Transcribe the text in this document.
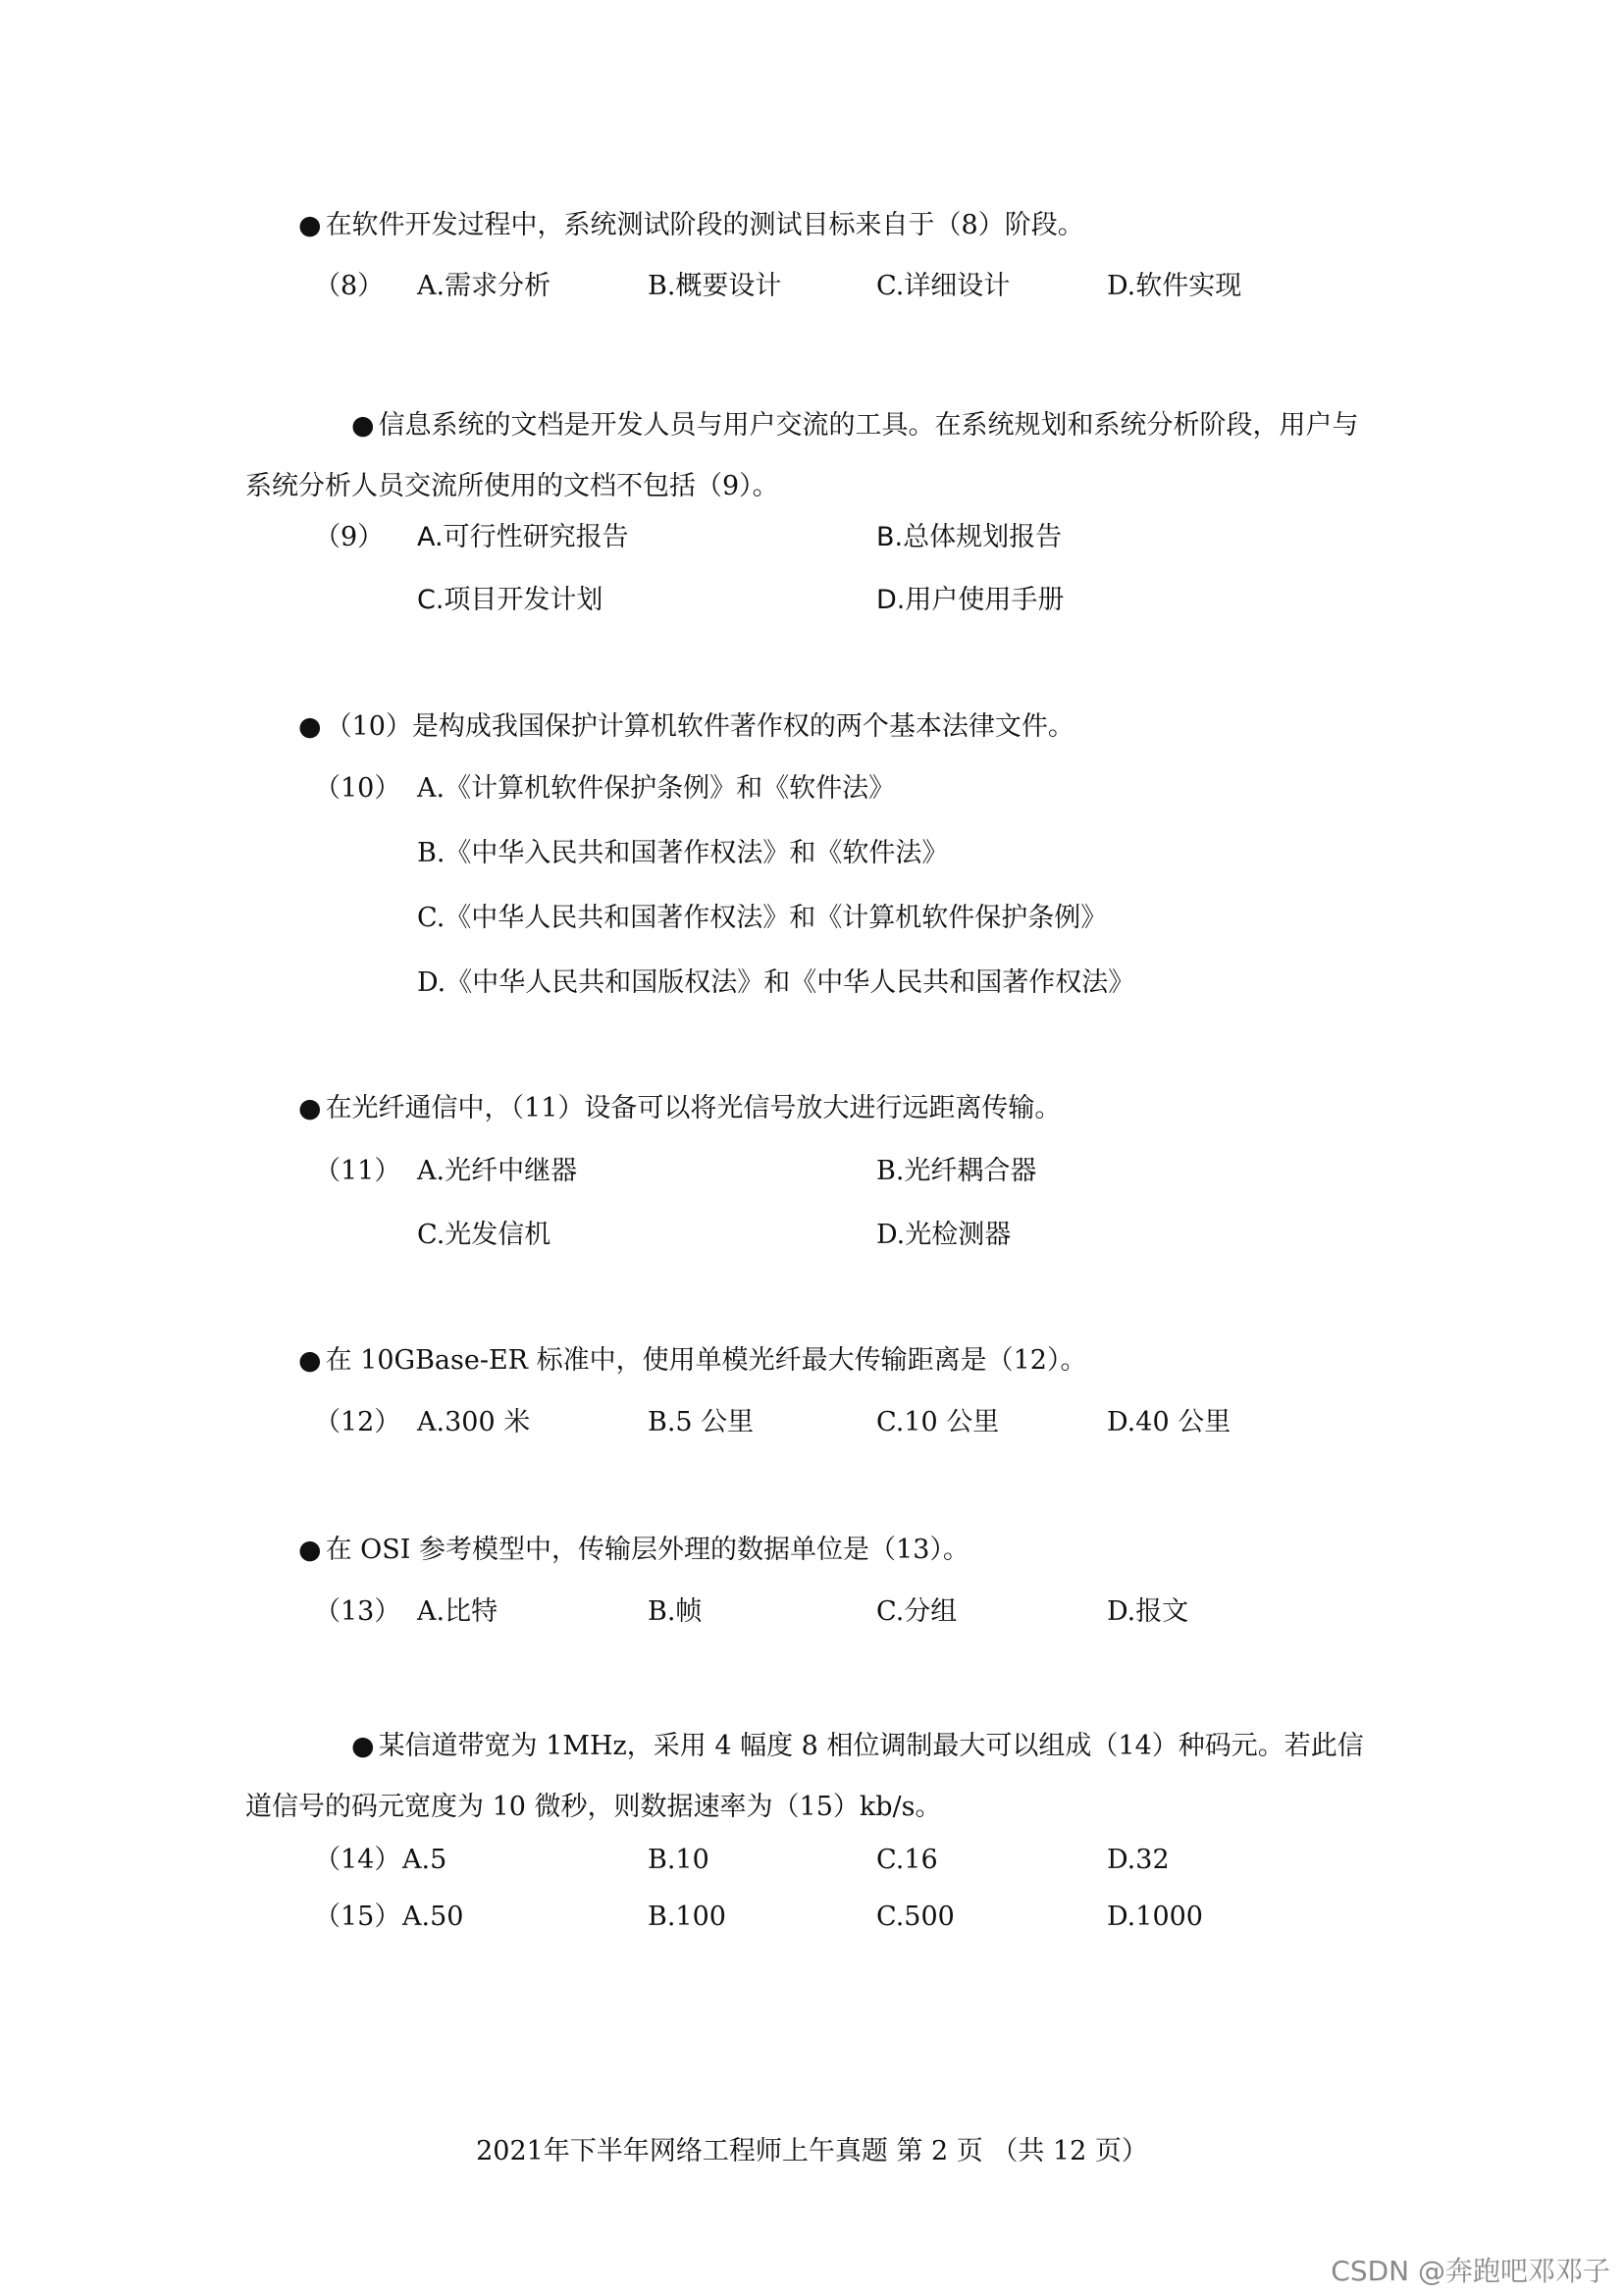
● 在软件开发过程中，系统测试阶段的测试目标来自于（8）阶段。
（8） A.需求分析	B.概要设计	C.详细设计	D.软件实现
● 信息系统的文档是开发人员与用户交流的工具。在系统规划和系统分析阶段，用户与系统分析人员交流所使用的文档不包括（9）。
（9） A.可行性研究报告	B.总体规划报告
C.项目开发计划	D.用户使用手册
● （10）是构成我国保护计算机软件著作权的两个基本法律文件。
（10） A.《计算机软件保护条例》和《软件法》
B.《中华入民共和国著作权法》和《软件法》
C.《中华人民共和国著作权法》和《计算机软件保护条例》
D.《中华人民共和国版权法》和《中华人民共和国著作权法》
● 在光纤通信中，（11）设备可以将光信号放大进行远距离传输。
（11） A.光纤中继器	B.光纤耦合器
C.光发信机	D.光检测器
● 在 10GBase-ER 标准中，使用单模光纤最大传输距离是（12）。
（12） A.300 米	B.5 公里	C.10 公里	D.40 公里
● 在 OSI 参考模型中，传输层外理的数据单位是（13）。
（13） A.比特	B.帧	C.分组	D.报文
● 某信道带宽为 1MHz，采用 4 幅度 8 相位调制最大可以组成（14）种码元。若此信道信号的码元宽度为 10 微秒，则数据速率为（15）kb/s。
（14） A.5	B.10	C.16	D.32
（15） A.50	B.100	C.500	D.1000
2021年下半年网络工程师上午真题 第 2 页 （共 12 页）
CSDN @奔跑吧邓邓子
